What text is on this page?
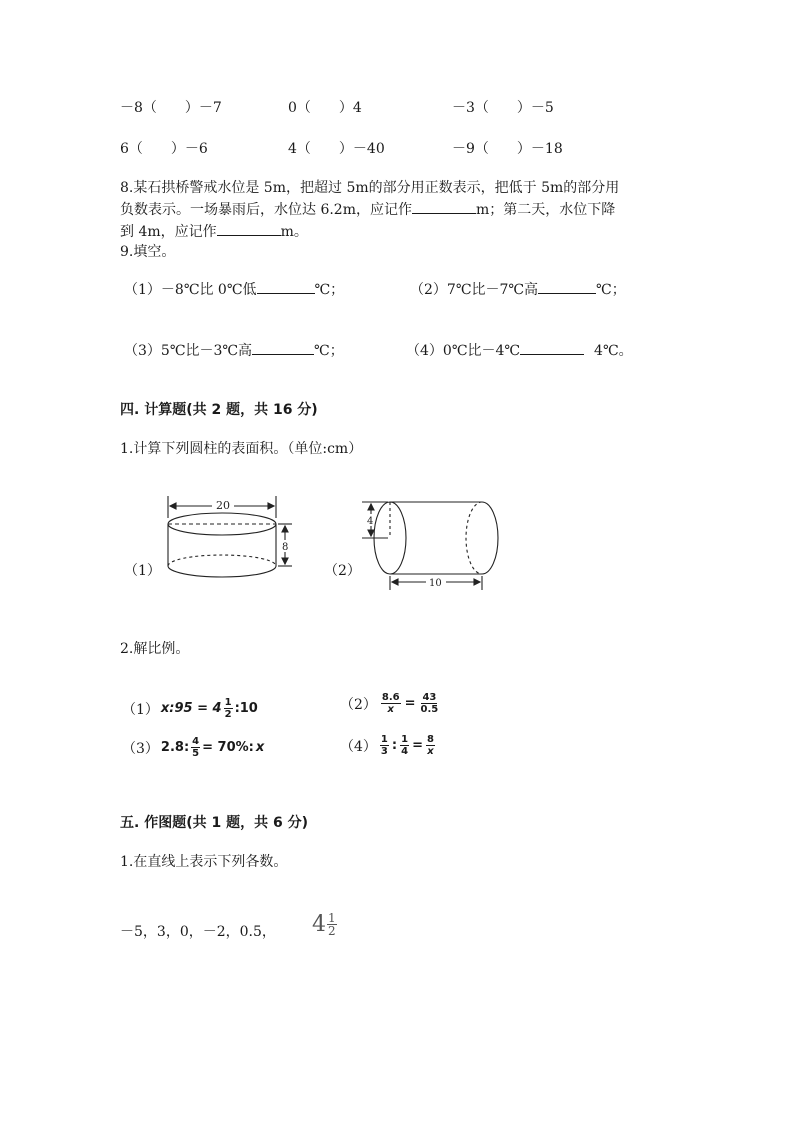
－8（　　）－7	0（　　）4	－3（　　）－5
6（　　）－6	4（　　）－40	－9（　　）－18
8.某石拱桥警戒水位是 5m，把超过 5m的部分用正数表示，把低于 5m的部分用
负数表示。一场暴雨后，水位达 6.2m，应记作	m；第二天，水位下降
到 4m，应记作	m。
9.填空。
（1）－8℃比 0℃低	℃；	（2）7℃比－7℃高	℃；
（3）5℃比－3℃高	℃；	（4）0℃比－4℃	4℃。
四. 计算题(共 2 题，共 16 分)
1.计算下列圆柱的表面积。（单位:cm）
20
8
4
10
（1）	（2）
2.解比例。
（1） x:95 = $4 \frac{1}{2}$ :10	$(2) \frac{8.6}{x} = \frac{43}{0.5}$
（3） 2.8: $\frac{4}{5} = 70\%$: x	$(4) \frac{1}{3}$ : $\frac{1}{4} = \frac{8}{x}$
五. 作图题(共 1 题，共 6 分)
1.在直线上表示下列各数。
－5，3，0，－2，0.5， $4 \frac{1}{2}$
